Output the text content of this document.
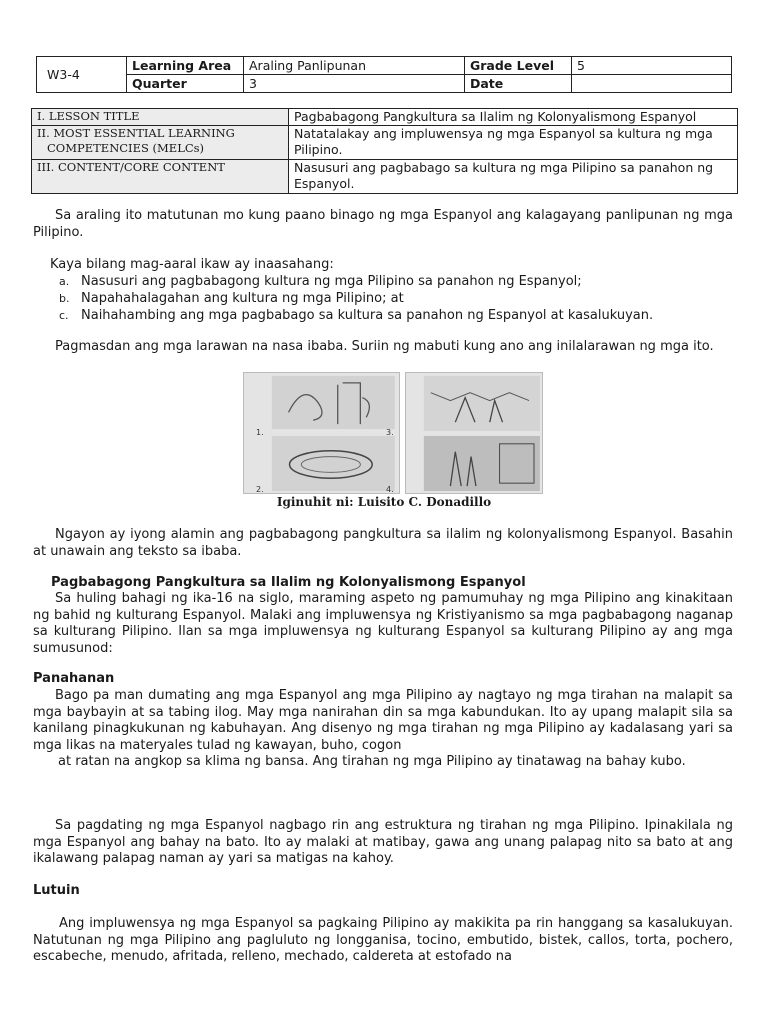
W3-4	Learning Area	Araling Panlipunan	Grade Level	5
	Quarter	3	Date	
I. LESSON TITLE	Pagbabagong Pangkultura sa Ilalim ng Kolonyalismong Espanyol

II. MOST ESSENTIAL LEARNING
COMPETENCIES (MELCs)	Natatalakay ang impluwensya ng mga Espanyol sa kultura ng mga Pilipino.
III. CONTENT/CORE CONTENT	Nasusuri ang pagbabago sa kultura ng mga Pilipino sa panahon ng Espanyol.

Sa araling ito matutunan mo kung paano binago ng mga Espanyol ang kalagayang panlipunan ng mga Pilipino.

Kaya bilang mag-aaral ikaw ay inaasahang:

a. Nasusuri ang pagbabagong kultura ng mga Pilipino sa panahon ng Espanyol;
b. Napahahalagahan ang kultura ng mga Pilipino; at
c. Naihahambing ang mga pagbabago sa kultura sa panahon ng Espanyol at kasalukuyan.

Pagmasdan ang mga larawan na nasa ibaba. Suriin ng mabuti kung ano ang inilalarawan ng mga ito.

1.
2.
3.
4.
Iginuhit ni: Luisito C. Donadillo

Ngayon ay iyong alamin ang pagbabagong pangkultura sa ilalim ng kolonyalismong Espanyol. Basahin at unawain ang teksto sa ibaba.

Pagbabagong Pangkultura sa Ilalim ng Kolonyalismong Espanyol

Sa huling bahagi ng ika-16 na siglo, maraming aspeto ng pamumuhay ng mga Pilipino ang kinakitaan ng bahid ng kulturang Espanyol. Malaki ang impluwensya ng Kristiyanismo sa mga pagbabagong naganap sa kulturang Pilipino. Ilan sa mga impluwensya ng kulturang Espanyol sa kulturang Pilipino ay ang mga sumusunod:

Panahanan

Bago pa man dumating ang mga Espanyol ang mga Pilipino ay nagtayo ng mga tirahan na malapit sa mga baybayin at sa tabing ilog. May mga nanirahan din sa mga kabundukan. Ito ay upang malapit sila sa kanilang pinagkukunan ng kabuhayan. Ang disenyo ng mga tirahan ng mga Pilipino ay kadalasang yari sa mga likas na materyales tulad ng kawayan, buho, cogon

at ratan na angkop sa klima ng bansa. Ang tirahan ng mga Pilipino ay tinatawag na bahay kubo.

Sa pagdating ng mga Espanyol nagbago rin ang estruktura ng tirahan ng mga Pilipino. Ipinakilala ng mga Espanyol ang bahay na bato. Ito ay malaki at matibay, gawa ang unang palapag nito sa bato at ang ikalawang palapag naman ay yari sa matigas na kahoy.

Lutuin

Ang impluwensya ng mga Espanyol sa pagkaing Pilipino ay makikita pa rin hanggang sa kasalukuyan. Natutunan ng mga Pilipino ang pagluluto ng longganisa, tocino, embutido, bistek, callos, torta, pochero, escabeche, menudo, afritada, relleno, mechado, caldereta at estofado na
